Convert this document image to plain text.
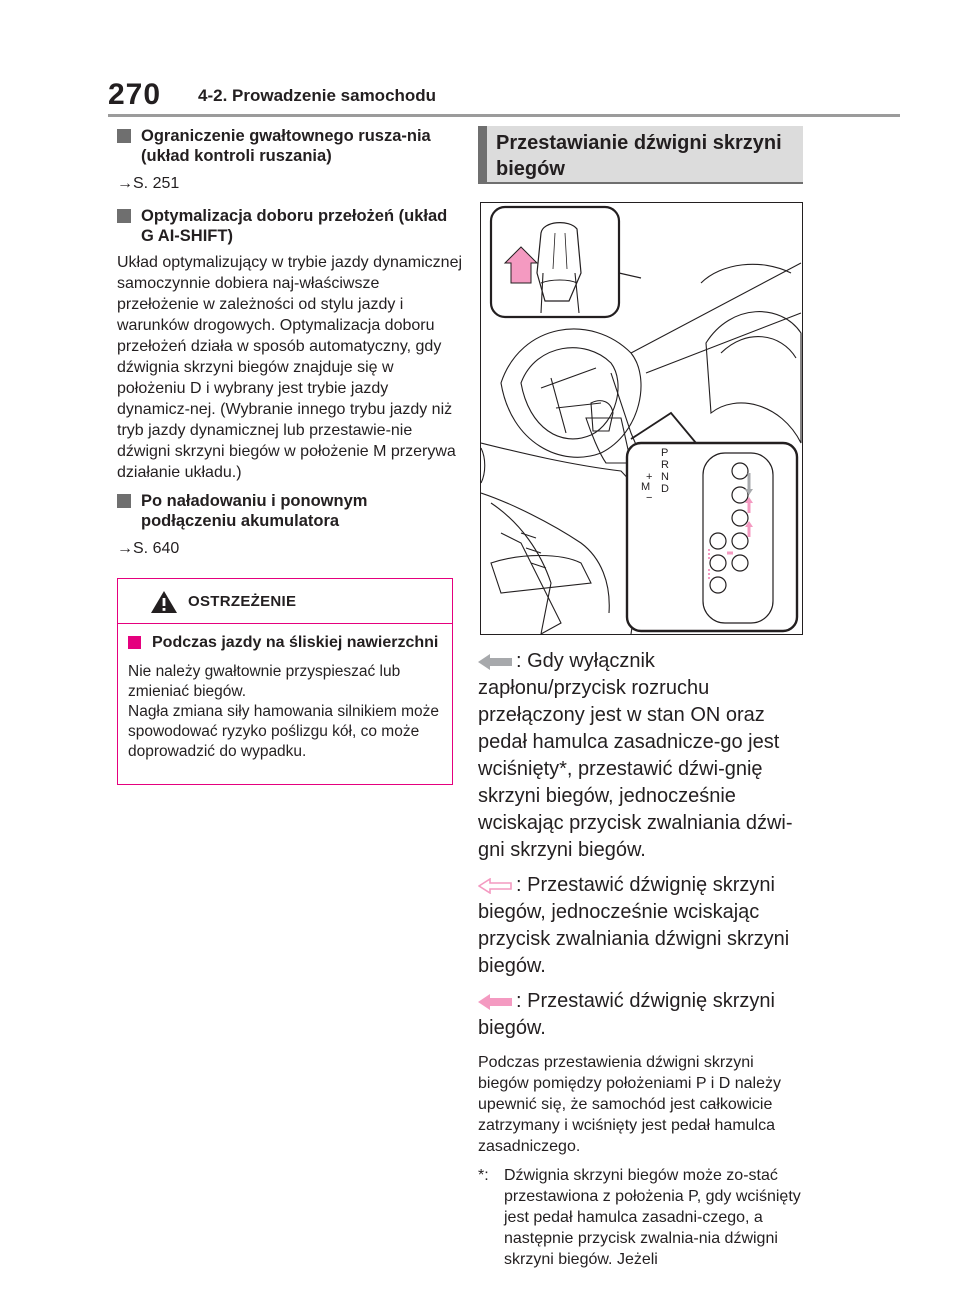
270 4-2. Prowadzenie samochodu
Ograniczenie gwałtownego rusza-nia (układ kontroli ruszania)
→S. 251
Optymalizacja doboru przełożeń (układ G AI-SHIFT)
Układ optymalizujący w trybie jazdy dynamicznej samoczynnie dobiera naj-właściwsze przełożenie w zależności od stylu jazdy i warunków drogowych. Optymalizacja doboru przełożeń działa w sposób automatyczny, gdy dźwignia skrzyni biegów znajduje się w położeniu D i wybrany jest trybie jazdy dynamicz-nej. (Wybranie innego trybu jazdy niż tryb jazdy dynamicznej lub przestawie-nie dźwigni skrzyni biegów w położenie M przerywa działanie układu.)
Po naładowaniu i ponownym podłączeniu akumulatora
→S. 640
OSTRZEŻENIE
Podczas jazdy na śliskiej nawierzchni
Nie należy gwałtownie przyspieszać lub zmieniać biegów.
Nagła zmiana siły hamowania silnikiem może spowodować ryzyko poślizgu kół, co może doprowadzić do wypadku.
Przestawianie dźwigni skrzyni biegów
P
R
N
D
+
M
−

: Gdy wyłącznik zapłonu/przycisk rozruchu przełączony jest w stan ON oraz pedał hamulca zasadnicze-go jest wciśnięty*, przestawić dźwi-gnię skrzyni biegów, jednocześnie wciskając przycisk zwalniania dźwi-gni skrzyni biegów.

: Przestawić dźwignię skrzyni biegów, jednocześnie wciskając przycisk zwalniania dźwigni skrzyni biegów.

: Przestawić dźwignię skrzyni biegów.

Podczas przestawienia dźwigni skrzyni biegów pomiędzy położeniami P i D należy upewnić się, że samochód jest całkowicie zatrzymany i wciśnięty jest pedał hamulca zasadniczego.

*: Dźwignia skrzyni biegów może zo-stać przestawiona z położenia P, gdy wciśnięty jest pedał hamulca zasadni-czego, a następnie przycisk zwalnia-nia dźwigni skrzyni biegów. Jeżeli
